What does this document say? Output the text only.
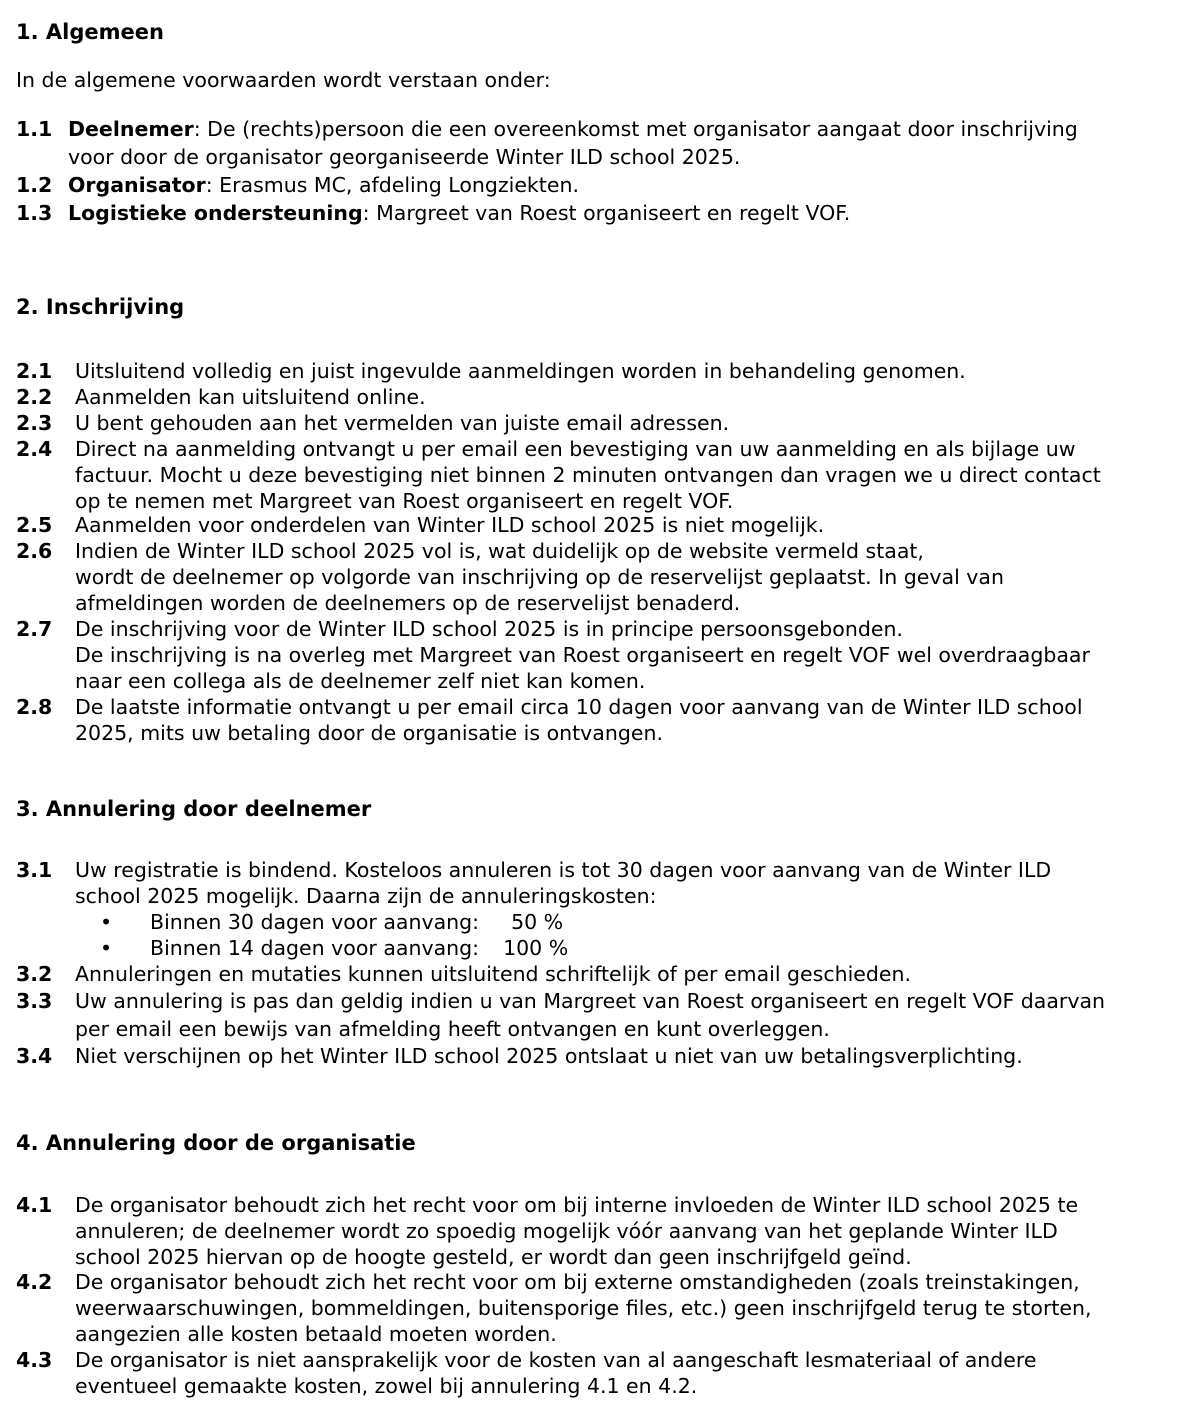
1. Algemeen
In de algemene voorwaarden wordt verstaan onder:
1.1 Deelnemer: De (rechts)persoon die een overeenkomst met organisator aangaat door inschrijving
voor door de organisator georganiseerde Winter ILD school 2025.
1.2 Organisator: Erasmus MC, afdeling Longziekten.
1.3 Logistieke ondersteuning: Margreet van Roest organiseert en regelt VOF.
2. Inschrijving
2.1 Uitsluitend volledig en juist ingevulde aanmeldingen worden in behandeling genomen.
2.2 Aanmelden kan uitsluitend online.
2.3 U bent gehouden aan het vermelden van juiste email adressen.
2.4 Direct na aanmelding ontvangt u per email een bevestiging van uw aanmelding en als bijlage uw
factuur. Mocht u deze bevestiging niet binnen 2 minuten ontvangen dan vragen we u direct contact
op te nemen met Margreet van Roest organiseert en regelt VOF.
2.5 Aanmelden voor onderdelen van Winter ILD school 2025 is niet mogelijk.
2.6 Indien de Winter ILD school 2025 vol is, wat duidelijk op de website vermeld staat,
wordt de deelnemer op volgorde van inschrijving op de reservelijst geplaatst. In geval van
afmeldingen worden de deelnemers op de reservelijst benaderd.
2.7 De inschrijving voor de Winter ILD school 2025 is in principe persoonsgebonden.
De inschrijving is na overleg met Margreet van Roest organiseert en regelt VOF wel overdraagbaar
naar een collega als de deelnemer zelf niet kan komen.
2.8 De laatste informatie ontvangt u per email circa 10 dagen voor aanvang van de Winter ILD school
2025, mits uw betaling door de organisatie is ontvangen.
3. Annulering door deelnemer
3.1 Uw registratie is bindend. Kosteloos annuleren is tot 30 dagen voor aanvang van de Winter ILD
school 2025 mogelijk. Daarna zijn de annuleringskosten:
• Binnen 30 dagen voor aanvang: 50 %
• Binnen 14 dagen voor aanvang: 100 %
3.2 Annuleringen en mutaties kunnen uitsluitend schriftelijk of per email geschieden.
3.3 Uw annulering is pas dan geldig indien u van Margreet van Roest organiseert en regelt VOF daarvan
per email een bewijs van afmelding heeft ontvangen en kunt overleggen.
3.4 Niet verschijnen op het Winter ILD school 2025 ontslaat u niet van uw betalingsverplichting.
4. Annulering door de organisatie
4.1 De organisator behoudt zich het recht voor om bij interne invloeden de Winter ILD school 2025 te
annuleren; de deelnemer wordt zo spoedig mogelijk vóór aanvang van het geplande Winter ILD
school 2025 hiervan op de hoogte gesteld, er wordt dan geen inschrijfgeld geïnd.
4.2 De organisator behoudt zich het recht voor om bij externe omstandigheden (zoals treinstakingen,
weerwaarschuwingen, bommeldingen, buitensporige files, etc.) geen inschrijfgeld terug te storten,
aangezien alle kosten betaald moeten worden.
4.3 De organisator is niet aansprakelijk voor de kosten van al aangeschaft lesmateriaal of andere
eventueel gemaakte kosten, zowel bij annulering 4.1 en 4.2.
